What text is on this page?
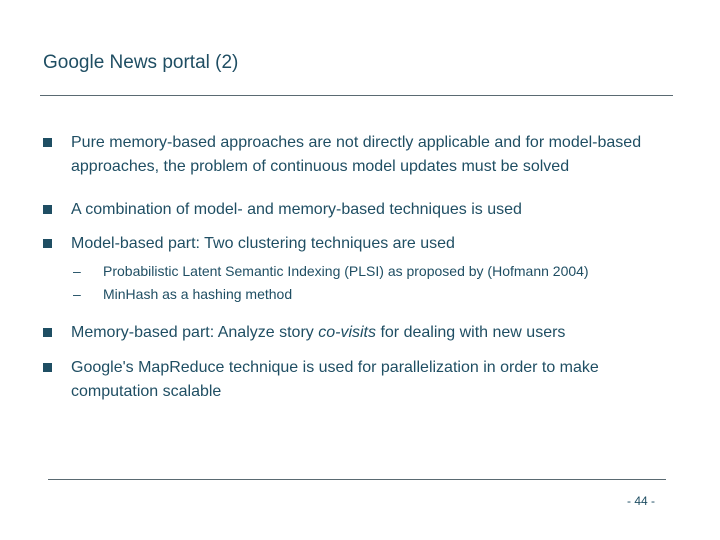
Google News portal (2)
Pure memory-based approaches are not directly applicable and for model-based approaches, the problem of continuous model updates must be solved
A combination of model- and memory-based techniques is used
Model-based part: Two clustering techniques are used
– Probabilistic Latent Semantic Indexing (PLSI) as proposed by (Hofmann 2004)
– MinHash as a hashing method
Memory-based part: Analyze story co-visits for dealing with new users
Google's MapReduce technique is used for parallelization in order to make computation scalable
- 44 -
